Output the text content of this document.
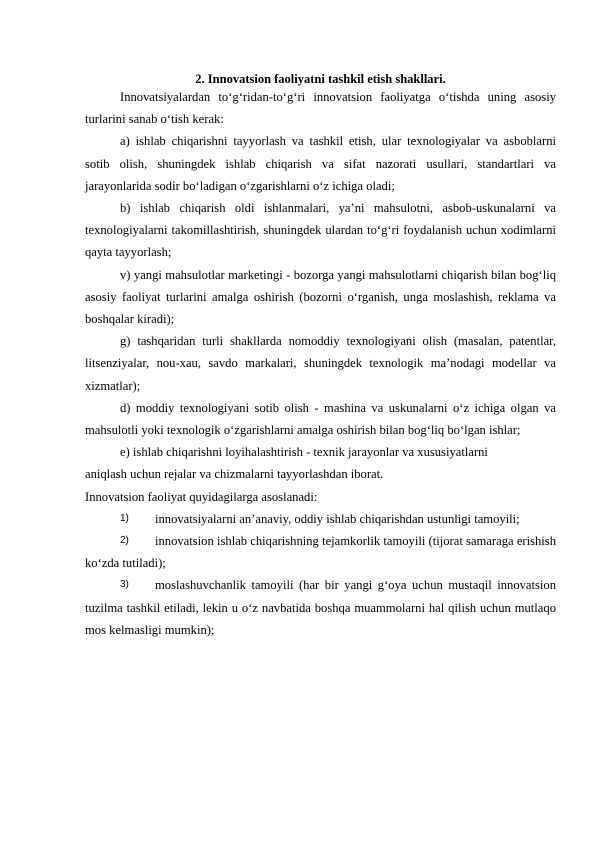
2. Innovatsion faoliyatni tashkil etish shakllari.

Innovatsiyalardan to‘g‘ridan-to‘g‘ri innovatsion faoliyatga o‘tishda uning asosiy turlarini sanab o‘tish kerak:

a) ishlab chiqarishni tayyorlash va tashkil etish, ular texnologiyalar va asboblarni sotib olish, shuningdek ishlab chiqarish va sifat nazorati usullari, standartlari va jarayonlarida sodir bo‘ladigan o‘zgarishlarni o‘z ichiga oladi;

b) ishlab chiqarish oldi ishlanmalari, ya’ni mahsulotni, asbob-uskunalarni va texnologiyalarni takomillashtirish, shuningdek ulardan to‘g‘ri foydalanish uchun xodimlarni qayta tayyorlash;

v) yangi mahsulotlar marketingi - bozorga yangi mahsulotlarni chiqarish bilan bog‘liq asosiy faoliyat turlarini amalga oshirish (bozorni o‘rganish, unga moslashish, reklama va boshqalar kiradi);

g) tashqaridan turli shakllarda nomoddiy texnologiyani olish (masalan, patentlar, litsenziyalar, nou-xau, savdo markalari, shuningdek texnologik ma’nodagi modellar va xizmatlar);

d) moddiy texnologiyani sotib olish - mashina va uskunalarni o‘z ichiga olgan va mahsulotli yoki texnologik o‘zgarishlarni amalga oshirish bilan bog‘liq bo‘lgan ishlar;

e) ishlab chiqarishni loyihalashtirish - texnik jarayonlar va xususiyatlarni

aniqlash uchun rejalar va chizmalarni tayyorlashdan iborat.

Innovatsion faoliyat quyidagilarga asoslanadi:

1)	innovatsiyalarni an’anaviy, oddiy ishlab chiqarishdan ustunligi tamoyili;

2)	innovatsion ishlab chiqarishning tejamkorlik tamoyili (tijorat samaraga erishish ko‘zda tutiladi);

3)	moslashuvchanlik tamoyili (har bir yangi g‘oya uchun mustaqil innovatsion tuzilma tashkil etiladi, lekin u o‘z navbatida boshqa muammolarni hal qilish uchun mutlaqo mos kelmasligi mumkin);
